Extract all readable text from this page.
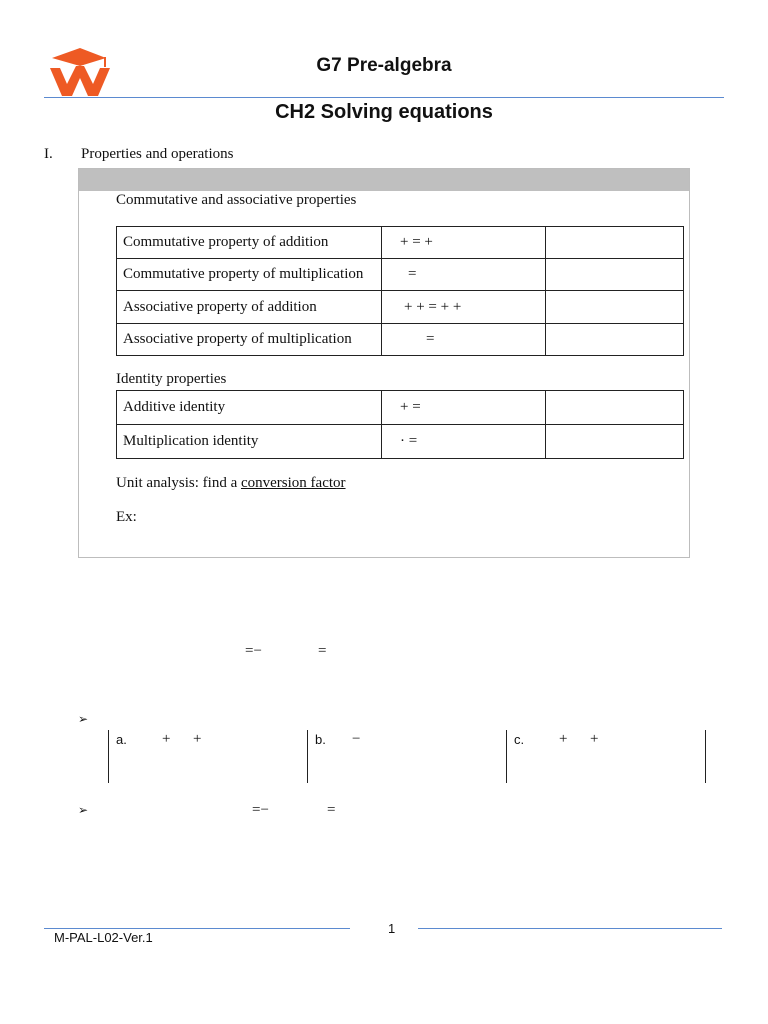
G7 Pre-algebra
CH2 Solving equations
I. Properties and operations
Commutative and associative properties
Commutative property of addition	+ = +	
Commutative property of multiplication	=	
Associative property of addition	+ + = + +	
Associative property of multiplication	=	
Identity properties
Additive identity	+ =	
Multiplication identity	· =	
Unit analysis: find a conversion factor
Ex:
=−	=
➢
a. +      +	b. −	c. +      +
➢	=−	=
1
M-PAL-L02-Ver.1
